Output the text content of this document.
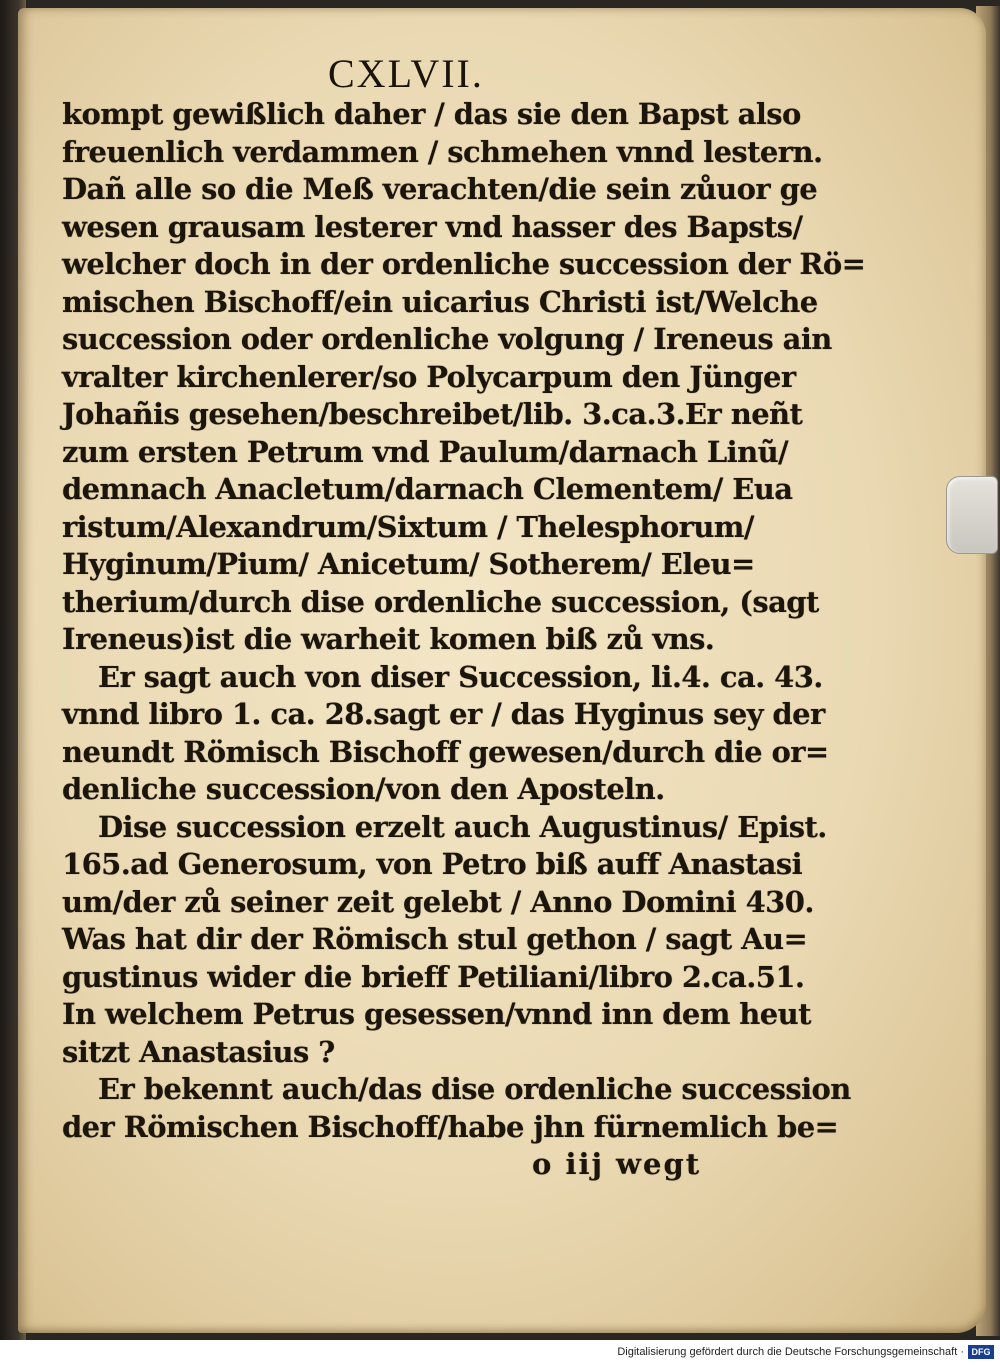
CXLVII.
kompt gewißlich daher / das sie den Bapst also
freuenlich verdammen / schmehen vnnd lestern.
Dañ alle so die Meß verachten/die sein zůuor ge
wesen grausam lesterer vnd hasser des Bapsts/
welcher doch in der ordenliche succession der Rö=
mischen Bischoff/ein uicarius Christi ist/Welche
succession oder ordenliche volgung / Ireneus ain
vralter kirchenlerer/so Polycarpum den Jünger
Johañis gesehen/beschreibet/lib. 3.ca.3.Er neñt
zum ersten Petrum vnd Paulum/darnach Linũ/
demnach Anacletum/darnach Clementem/ Eua
ristum/Alexandrum/Sixtum / Thelesphorum/
Hyginum/Pium/ Anicetum/ Sotherem/ Eleu=
therium/durch dise ordenliche succession, (sagt
Ireneus)ist die warheit komen biß zů vns.
Er sagt auch von diser Succession, li.4. ca. 43.
vnnd libro 1. ca. 28.sagt er / das Hyginus sey der
neundt Römisch Bischoff gewesen/durch die or=
denliche succession/von den Aposteln.
Dise succession erzelt auch Augustinus/ Epist.
165.ad Generosum, von Petro biß auff Anastasi
um/der zů seiner zeit gelebt / Anno Domini 430.
Was hat dir der Römisch stul gethon / sagt Au=
gustinus wider die brieff Petiliani/libro 2.ca.51.
In welchem Petrus gesessen/vnnd inn dem heut
sitzt Anastasius ?
Er bekennt auch/das dise ordenliche succession
der Römischen Bischoff/habe jhn fürnemlich be=
o iij wegt
Digitalisierung gefördert durch die Deutsche Forschungsgemeinschaft · DFG
